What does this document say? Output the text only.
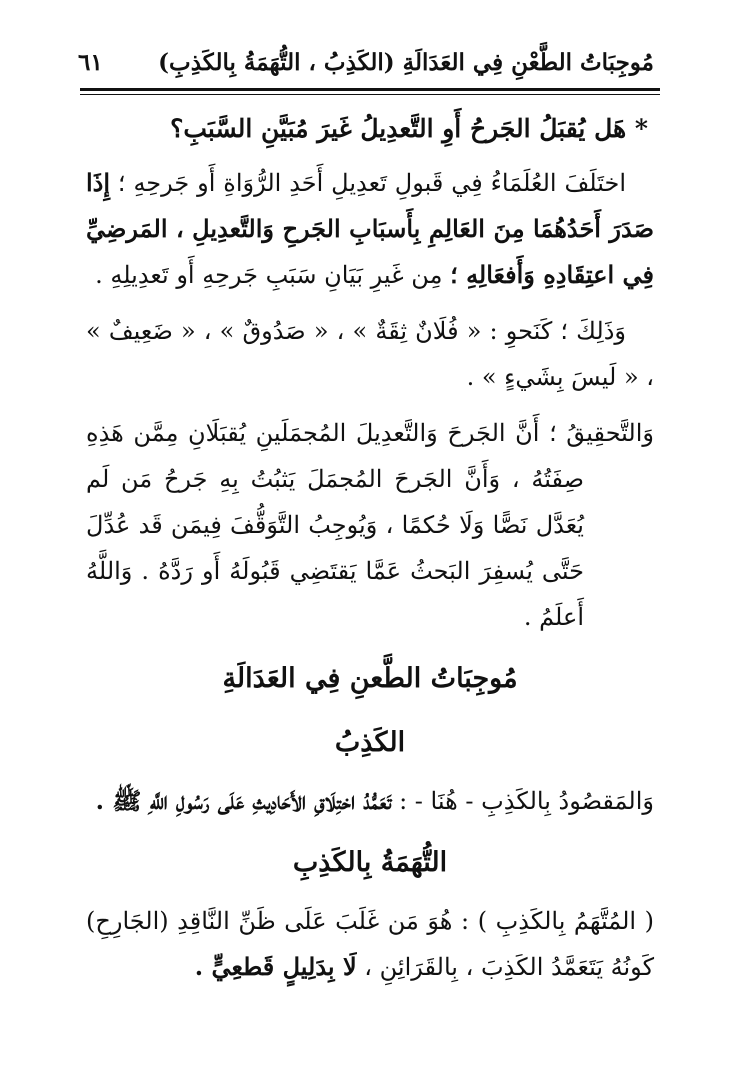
مُوجِبَاتُ الطَّعْنِ فِي العَدَالَةِ (الكَذِبُ ، التُّهَمَةُ بِالكَذِبِ)
٦١
* هَل يُقبَلُ الجَرحُ أَوِ التَّعدِيلُ غَيرَ مُبَيَّنِ السَّبَبِ؟

اختَلَفَ العُلَمَاءُ فِي قَبولِ تَعدِيلِ أَحَدِ الرُّوَاةِ أَو جَرحِهِ ؛ إِذَا صَدَرَ أَحَدُهُمَا مِنَ العَالِمِ بِأَسبَابِ الجَرحِ وَالتَّعدِيلِ ، المَرضِيِّ فِي اعتِقَادِهِ وَأَفعَالِهِ ؛ مِن غَيرِ بَيَانِ سَبَبِ جَرحِهِ أَو تَعدِيلِهِ .

وَذَلِكَ ؛ كَنَحوِ : « فُلَانٌ ثِقَةٌ » ، « صَدُوقٌ » ، « ضَعِيفٌ » ، « لَيسَ بِشَيءٍ » .

وَالتَّحقِيقُ ؛ أَنَّ الجَرحَ وَالتَّعدِيلَ المُجمَلَينِ يُقبَلَانِ مِمَّن هَذِهِ صِفَتُهُ ، وَأَنَّ الجَرحَ المُجمَلَ يَثبُتُ بِهِ جَرحُ مَن لَم يُعَدَّل نَصًّا وَلَا حُكمًا ، وَيُوجِبُ التَّوَقُّفَ فِيمَن قَد عُدِّلَ حَتَّى يُسفِرَ البَحثُ عَمَّا يَقتَضِي قَبُولَهُ أَو رَدَّهُ . وَاللَّهُ أَعلَمُ .

مُوجِبَاتُ الطَّعنِ فِي العَدَالَةِ
الكَذِبُ

وَالمَقصُودُ بِالكَذِبِ - هُنَا - : تَعَمُّدُ اختِلَاقِ الأَحَادِيثِ عَلَى رَسُولِ اللَّهِ ﷺ .

التُّهَمَةُ بِالكَذِبِ

( المُتَّهَمُ بِالكَذِبِ ) : هُوَ مَن غَلَبَ عَلَى ظَنِّ النَّاقِدِ (الجَارِحِ) كَونُهُ يَتَعَمَّدُ الكَذِبَ ، بِالقَرَائِنِ ، لَا بِدَلِيلٍ قَطعِيٍّ .
